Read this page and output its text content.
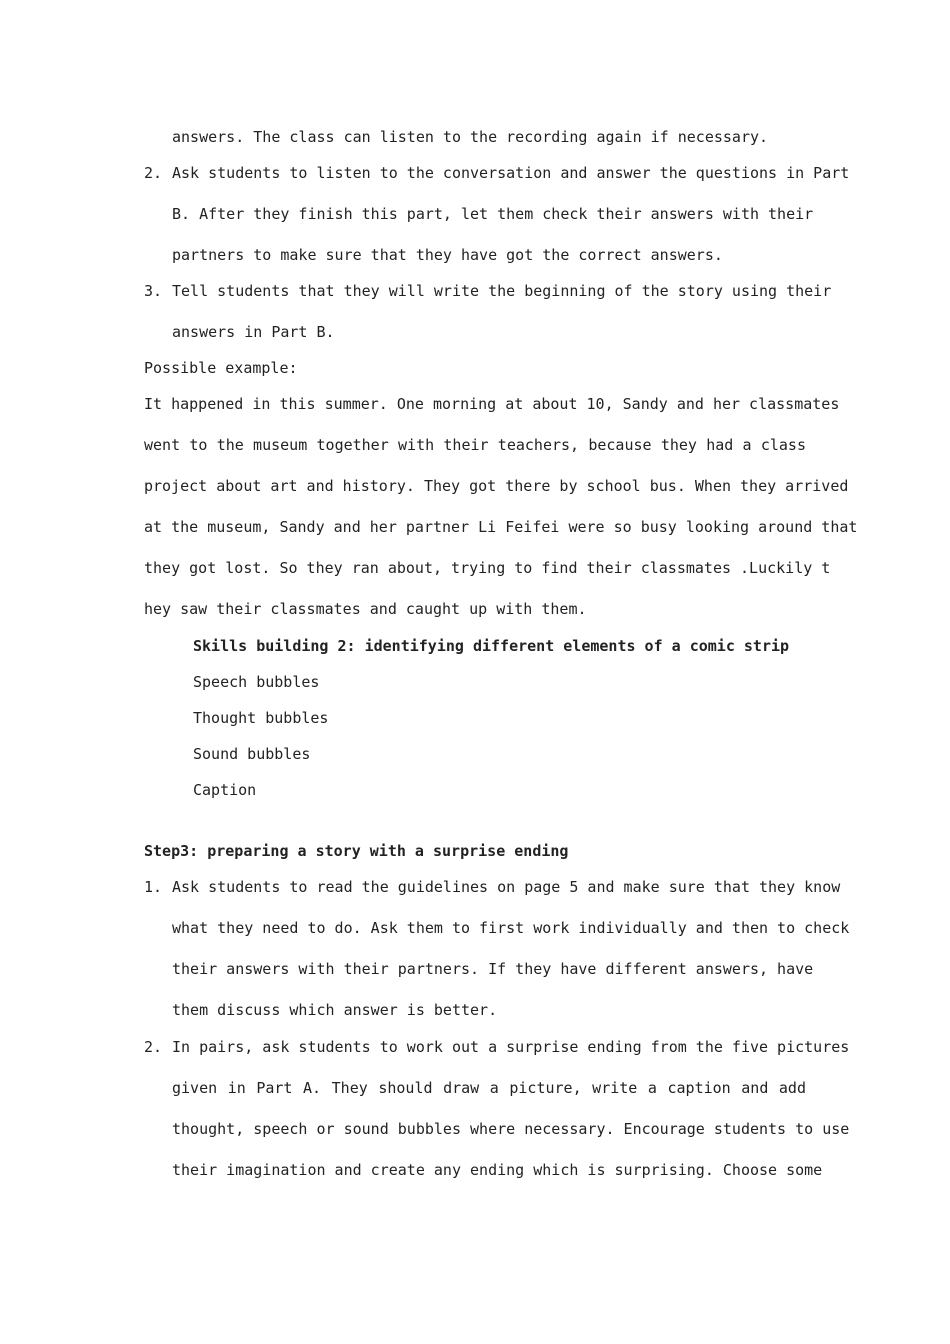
answers. The class can listen to the recording again if necessary.
2. Ask students to listen to the conversation and answer the questions in Part
B. After they finish this part, let them check their answers with their
partners to make sure that they have got the correct answers.
3. Tell students that they will write the beginning of the story using their
answers in Part B.
Possible example:
It happened in this summer. One morning at about 10, Sandy and her classmates
went to the museum together with their teachers, because they had a class
project about art and history. They got there by school bus. When they arrived
at the museum, Sandy and her partner Li Feifei were so busy looking around that
they got lost. So they ran about, trying to find their classmates .Luckily t
hey saw their classmates and caught up with them.
Skills building 2: identifying different elements of a comic strip
Speech bubbles
Thought bubbles
Sound bubbles
Caption
Step3: preparing a story with a surprise ending
1. Ask students to read the guidelines on page 5 and make sure that they know
what they need to do. Ask them to first work individually and then to check
their answers with their partners. If they have different answers, have
them discuss which answer is better.
2. In pairs, ask students to work out a surprise ending from the five pictures
given in Part A. They should draw a picture, write a caption and add
thought, speech or sound bubbles where necessary. Encourage students to use
their imagination and create any ending which is surprising. Choose some
